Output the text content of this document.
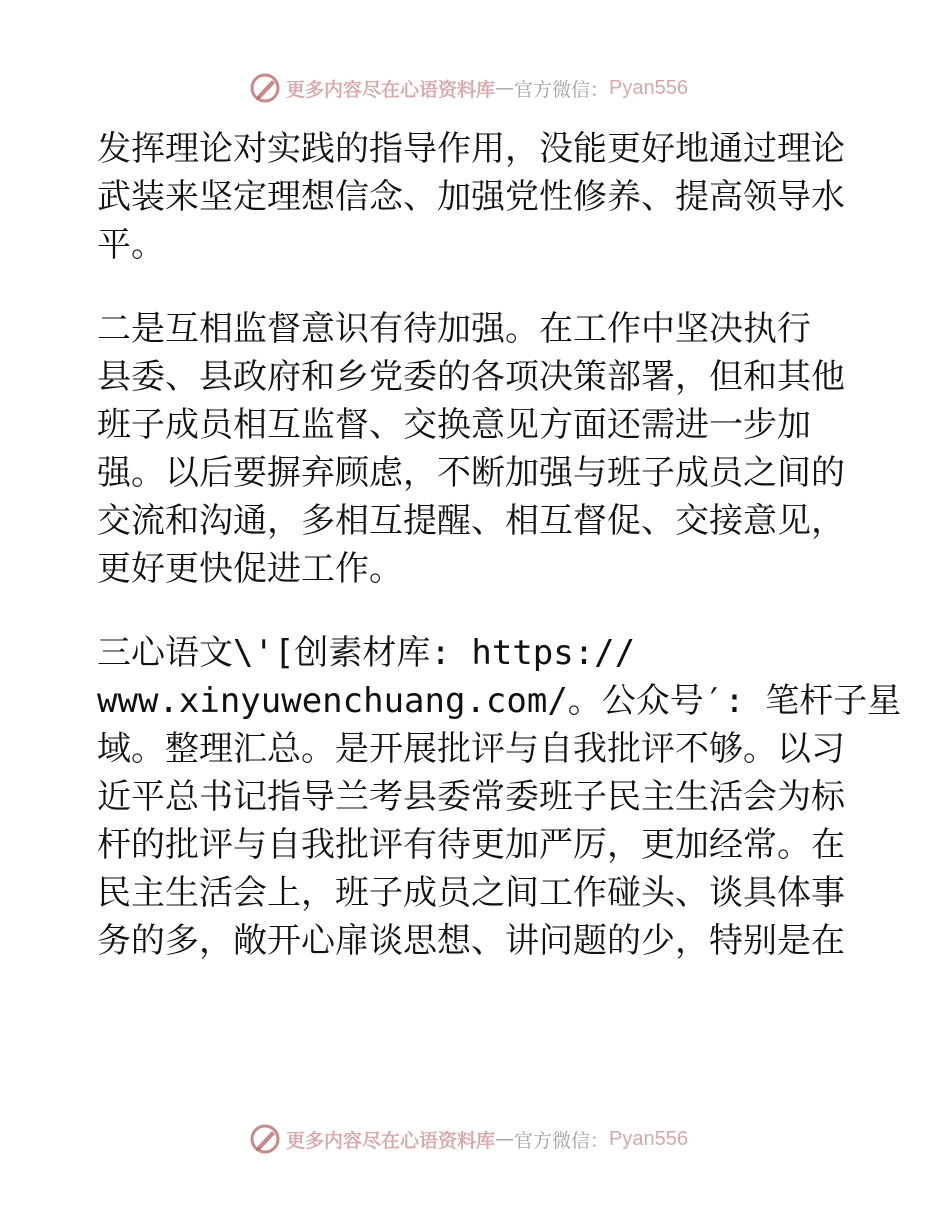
更多内容尽在心语资料库 — 官方微信： Pyan556

发挥理论对实践的指导作用，没能更好地通过理论
武装来坚定理想信念、加强党性修养、提高领导水
平。

二是互相监督意识有待加强。在工作中坚决执行
县委、县政府和乡党委的各项决策部署，但和其他
班子成员相互监督、交换意见方面还需进一步加
强。以后要摒弃顾虑，不断加强与班子成员之间的
交流和沟通，多相互提醒、相互督促、交接意见，
更好更快促进工作。

三心语文\'[创素材库: https://
www.xinyuwenchuang.com/。公众号′: 笔杆子星
域。整理汇总。是开展批评与自我批评不够。以习
近平总书记指导兰考县委常委班子民主生活会为标
杆的批评与自我批评有待更加严厉，更加经常。在
民主生活会上，班子成员之间工作碰头、谈具体事
务的多，敞开心扉谈思想、讲问题的少，特别是在

更多内容尽在心语资料库 — 官方微信： Pyan556
